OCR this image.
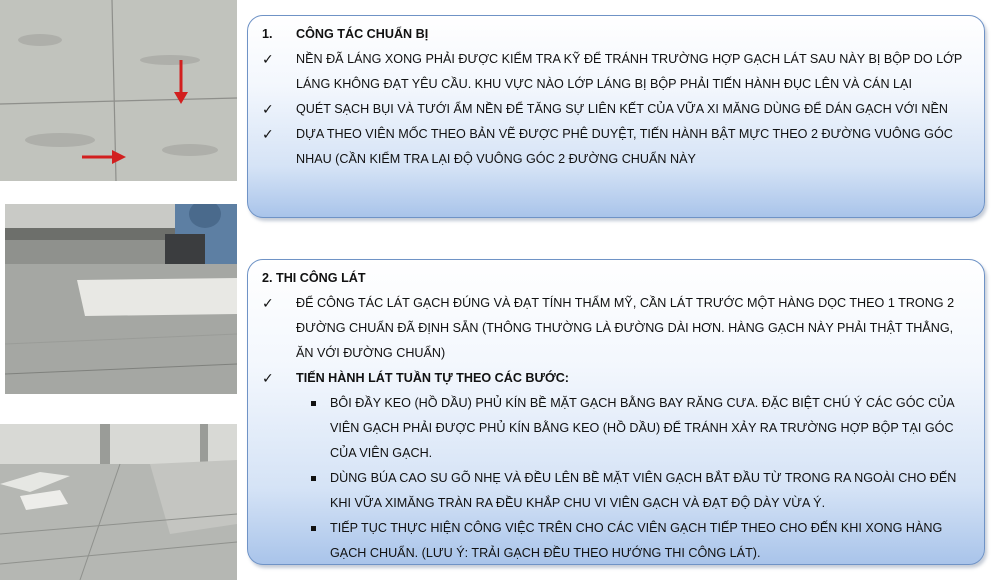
1.	CÔNG TÁC CHUẨN BỊ
✓	NỀN ĐÃ LÁNG XONG PHẢI ĐƯỢC KIỂM TRA KỸ ĐỂ TRÁNH TRƯỜNG HỢP GẠCH LÁT SAU NÀY BỊ BỘP DO LỚP LÁNG KHÔNG ĐẠT YÊU CẦU. KHU VỰC NÀO LỚP LÁNG BỊ BỘP PHẢI TIẾN HÀNH ĐỤC LÊN VÀ CÁN LẠI
✓	QUÉT SẠCH BỤI VÀ TƯỚI ẨM NỀN ĐỂ TĂNG SỰ LIÊN KẾT CỦA VỮA XI MĂNG DÙNG ĐỂ DÁN GẠCH VỚI NỀN
✓	DỰA THEO VIÊN MỐC THEO BẢN VẼ ĐƯỢC PHÊ DUYỆT, TIẾN HÀNH BẬT MỰC THEO 2 ĐƯỜNG VUÔNG GÓC NHAU (CẦN KIỂM TRA LẠI ĐỘ VUÔNG GÓC 2 ĐƯỜNG CHUẨN NÀY
2. THI CÔNG LÁT
✓	ĐỂ CÔNG TÁC LÁT GẠCH ĐÚNG VÀ ĐẠT TÍNH THẨM MỸ, CẦN LÁT TRƯỚC MỘT HÀNG DỌC THEO 1 TRONG 2 ĐƯỜNG CHUẨN ĐÃ ĐỊNH SẴN (THÔNG THƯỜNG LÀ ĐƯỜNG DÀI HƠN. HÀNG GẠCH NÀY PHẢI THẬT THẲNG, ĂN VỚI ĐƯỜNG CHUẨN)
✓	TIẾN HÀNH LÁT TUẦN TỰ THEO CÁC BƯỚC:
BÔI ĐẦY KEO (HỒ DẦU) PHỦ KÍN BỀ MẶT GẠCH BẰNG BAY RĂNG CƯA. ĐẶC BIỆT CHÚ Ý CÁC GÓC CỦA VIÊN GẠCH PHẢI ĐƯỢC PHỦ KÍN BẰNG KEO (HỒ DẦU) ĐỂ TRÁNH XẢY RA TRƯỜNG HỢP BỘP TẠI GÓC CỦA VIÊN GẠCH.
DÙNG BÚA CAO SU GÕ NHẸ VÀ ĐỀU LÊN BỀ MẶT VIÊN GẠCH BẮT ĐẦU TỪ TRONG RA NGOÀI CHO ĐẾN KHI VỮA XIMĂNG TRÀN RA ĐỀU KHẮP CHU VI VIÊN GẠCH VÀ ĐẠT ĐỘ DÀY VỪA Ý.
TIẾP TỤC THỰC HIỆN CÔNG VIỆC TRÊN CHO CÁC VIÊN GẠCH TIẾP THEO CHO ĐẾN KHI XONG HÀNG GẠCH CHUẨN. (LƯU Ý: TRẢI GẠCH ĐỀU THEO HƯỚNG THI CÔNG LÁT).
